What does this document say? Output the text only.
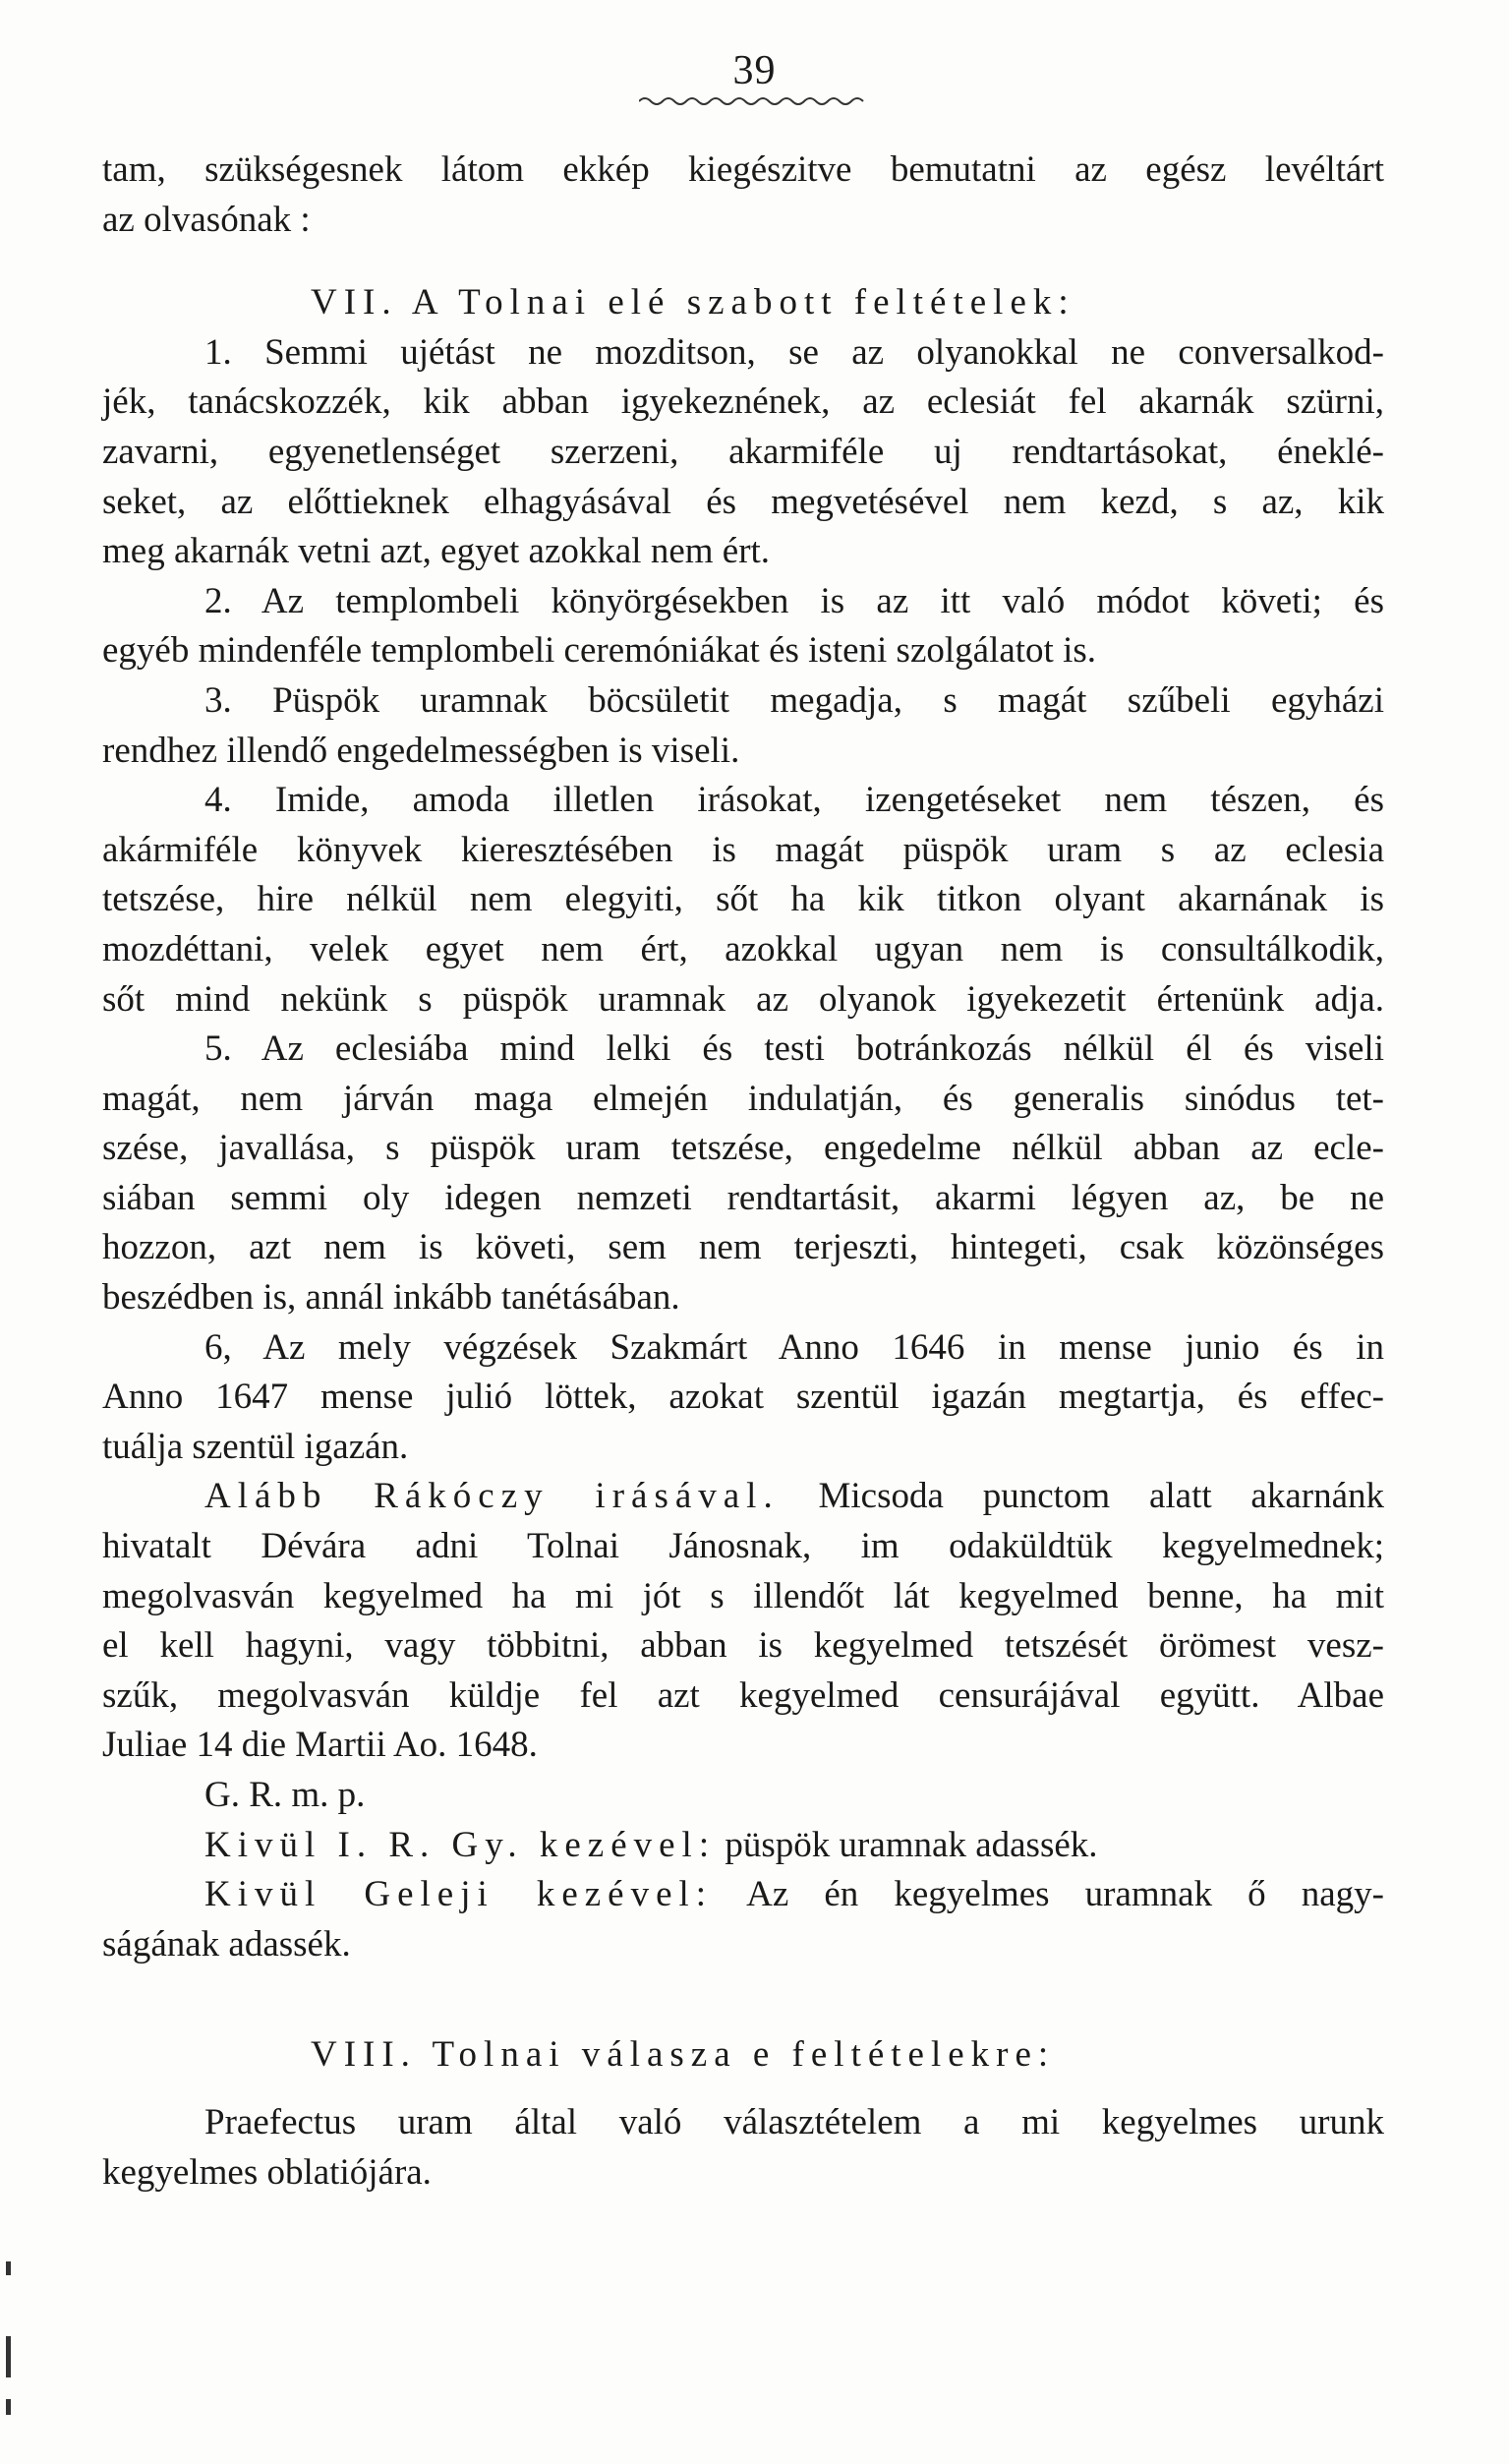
39
tam, szükségesnek látom ekkép kiegészitve bemutatni az egész levéltárt
az olvasónak :
VII. A Tolnai elé szabott feltételek:
1. Semmi ujétást ne mozditson, se az olyanokkal ne conversalkod-
jék, tanácskozzék, kik abban igyekeznének, az eclesiát fel akarnák szürni,
zavarni, egyenetlenséget szerzeni, akarmiféle uj rendtartásokat, éneklé-
seket, az előttieknek elhagyásával és megvetésével nem kezd, s az, kik
meg akarnák vetni azt, egyet azokkal nem ért.
2. Az templombeli könyörgésekben is az itt való módot követi; és
egyéb mindenféle templombeli ceremóniákat és isteni szolgálatot is.
3. Püspök uramnak böcsületit megadja, s magát szűbeli egyházi
rendhez illendő engedelmességben is viseli.
4. Imide, amoda illetlen irásokat, izengetéseket nem tészen, és
akármiféle könyvek kieresztésében is magát püspök uram s az eclesia
tetszése, hire nélkül nem elegyiti, sőt ha kik titkon olyant akarnának is
mozdéttani, velek egyet nem ért, azokkal ugyan nem is consultálkodik,
sőt mind nekünk s püspök uramnak az olyanok igyekezetit értenünk adja.
5. Az eclesiába mind lelki és testi botránkozás nélkül él és viseli
magát, nem járván maga elmején indulatján, és generalis sinódus tet-
szése, javallása, s püspök uram tetszése, engedelme nélkül abban az ecle-
siában semmi oly idegen nemzeti rendtartásit, akarmi légyen az, be ne
hozzon, azt nem is követi, sem nem terjeszti, hintegeti, csak közönséges
beszédben is, annál inkább tanétásában.
6, Az mely végzések Szakmárt Anno 1646 in mense junio és in
Anno 1647 mense julió löttek, azokat szentül igazán megtartja, és effec-
tuálja szentül igazán.
Alább Rákóczy irásával. Micsoda punctom alatt akarnánk
hivatalt Dévára adni Tolnai Jánosnak, im odaküldtük kegyelmednek;
megolvasván kegyelmed ha mi jót s illendőt lát kegyelmed benne, ha mit
el kell hagyni, vagy többitni, abban is kegyelmed tetszését örömest vesz-
szűk, megolvasván küldje fel azt kegyelmed censurájával együtt. Albae
Juliae 14 die Martii Ao. 1648.
G. R. m. p.
Kivül I. R. Gy. kezével: püspök uramnak adassék.
Kivül Geleji kezével: Az én kegyelmes uramnak ő nagy-
ságának adassék.
VIII. Tolnai válasza e feltételekre:
Praefectus uram által való választételem a mi kegyelmes urunk
kegyelmes oblatiójára.
